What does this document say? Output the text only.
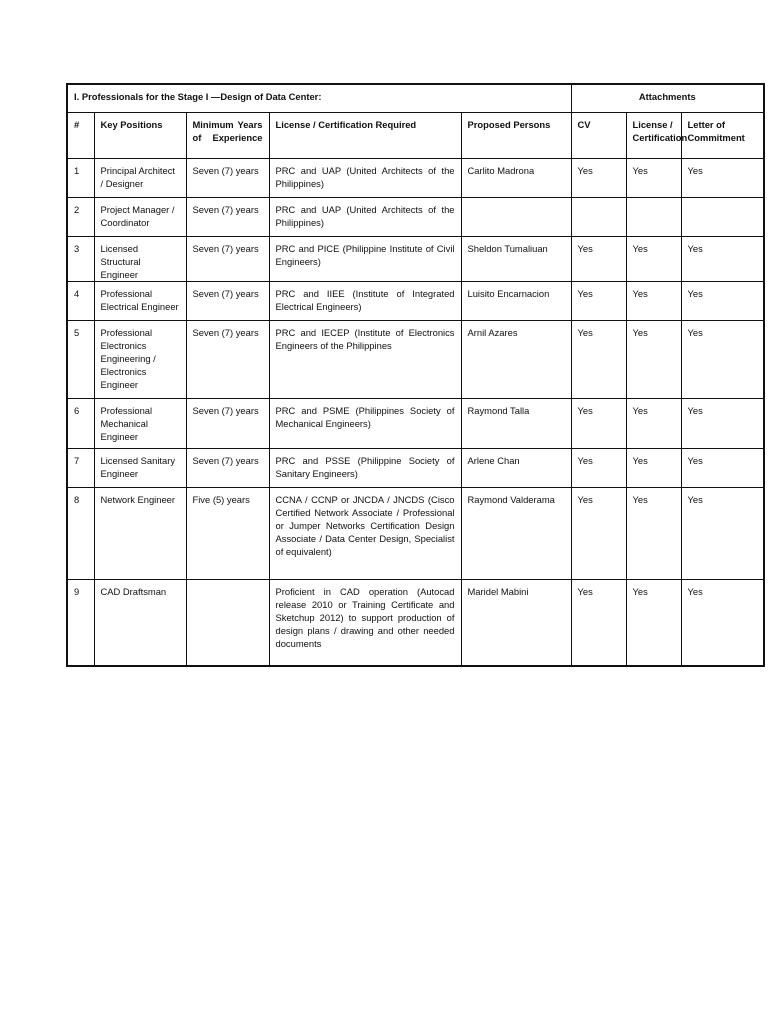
I. Professionals for the Stage I —Design of Data Center:					Attachments		
#	Key Positions	Minimum Years of Experience	License / Certification Required	Proposed Persons	CV	License / Certification	Letter of Commitment
1	Principal Architect / Designer	Seven (7) years	PRC and UAP (United Architects of the Philippines)	Carlito Madrona	Yes	Yes	Yes
2	Project Manager / Coordinator	Seven (7) years	PRC and UAP (United Architects of the Philippines)				
3	Licensed Structural Engineer	Seven (7) years	PRC and PICE (Philippine Institute of Civil Engineers)	Sheldon Tumaliuan	Yes	Yes	Yes
4	Professional Electrical Engineer	Seven (7) years	PRC and IIEE (Institute of Integrated Electrical Engineers)	Luisito Encarnacion	Yes	Yes	Yes
5	Professional Electronics Engineering / Electronics Engineer	Seven (7) years	PRC and IECEP (Institute of Electronics Engineers of the Philippines	Arnil Azares	Yes	Yes	Yes
6	Professional Mechanical Engineer	Seven (7) years	PRC and PSME (Philippines Society of Mechanical Engineers)	Raymond Talla	Yes	Yes	Yes
7	Licensed Sanitary Engineer	Seven (7) years	PRC and PSSE (Philippine Society of Sanitary Engineers)	Arlene Chan	Yes	Yes	Yes
8	Network Engineer	Five (5) years	CCNA / CCNP or JNCDA / JNCDS (Cisco Certified Network Associate / Professional or Jumper Networks Certification Design Associate / Data Center Design, Specialist of equivalent)	Raymond Valderama	Yes	Yes	Yes
9	CAD Draftsman		Proficient in CAD operation (Autocad release 2010 or Training Certificate and Sketchup 2012) to support production of design plans / drawing and other needed documents	Maridel Mabini	Yes	Yes	Yes
